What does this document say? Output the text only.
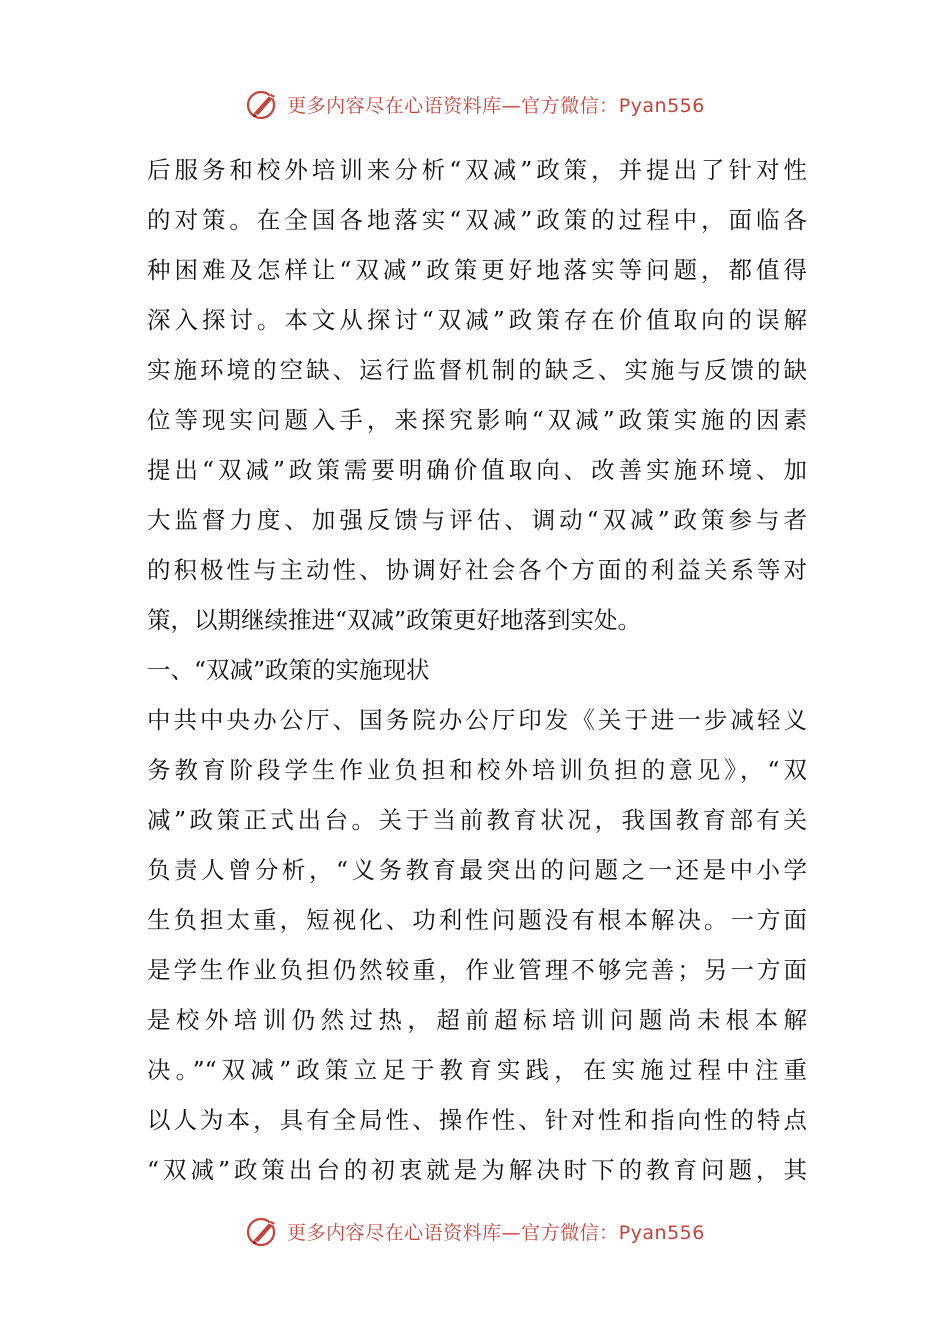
更多内容尽在心语资料库—官方微信：Pyan556
后服务和校外培训来分析“双减”政策，并提出了针对性
的对策。在全国各地落实“双减”政策的过程中，面临各
种困难及怎样让“双减”政策更好地落实等问题，都值得
深入探讨。本文从探讨“双减”政策存在价值取向的误解
实施环境的空缺、运行监督机制的缺乏、实施与反馈的缺
位等现实问题入手，来探究影响“双减”政策实施的因素
提出“双减”政策需要明确价值取向、改善实施环境、加
大监督力度、加强反馈与评估、调动“双减”政策参与者
的积极性与主动性、协调好社会各个方面的利益关系等对
策，以期继续推进“双减”政策更好地落到实处。
一、“双减”政策的实施现状
中共中央办公厅、国务院办公厅印发《关于进一步减轻义
务教育阶段学生作业负担和校外培训负担的意见》，“双
减”政策正式出台。关于当前教育状况，我国教育部有关
负责人曾分析，“义务教育最突出的问题之一还是中小学
生负担太重，短视化、功利性问题没有根本解决。一方面
是学生作业负担仍然较重，作业管理不够完善；另一方面
是校外培训仍然过热，超前超标培训问题尚未根本解
决。”“双减”政策立足于教育实践，在实施过程中注重
以人为本，具有全局性、操作性、针对性和指向性的特点
“双减”政策出台的初衷就是为解决时下的教育问题，其
更多内容尽在心语资料库—官方微信：Pyan556
